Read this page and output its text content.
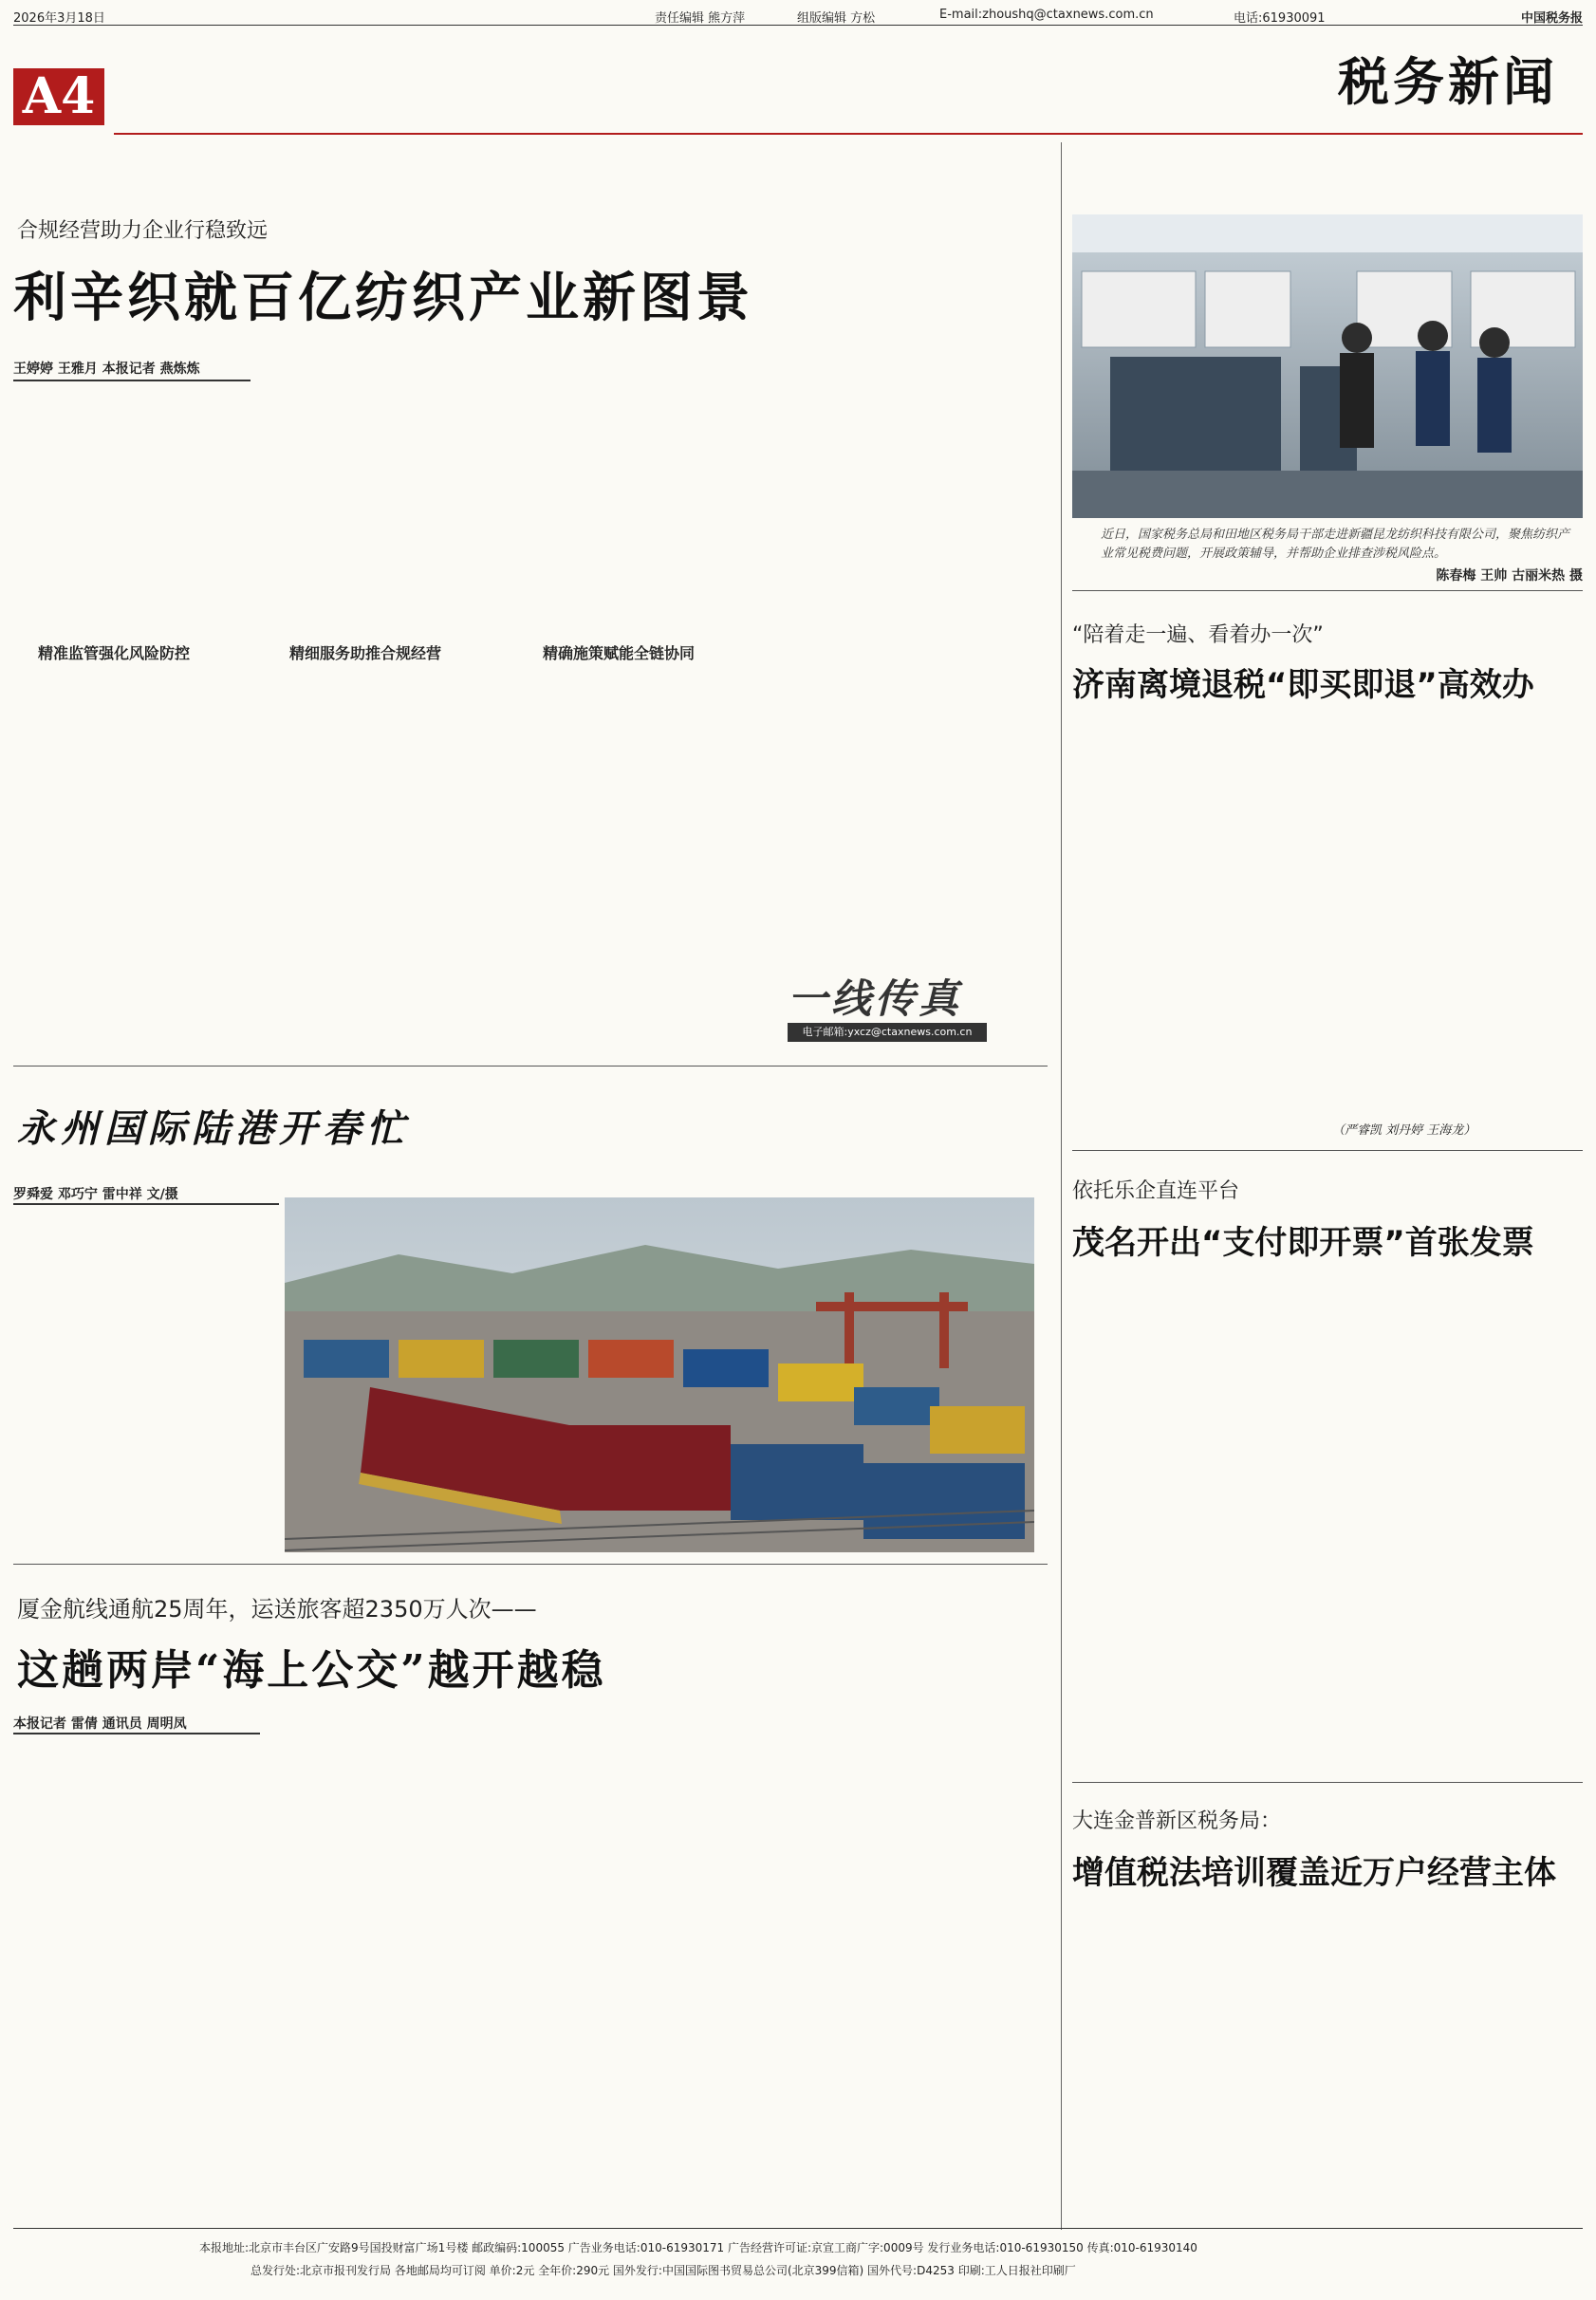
2026年3月18日	责任编辑 熊方萍	组版编辑 方松	E-mail:zhoushq@ctaxnews.com.cn	电话:61930091	中国税务报
A4	税务新闻
合规经营助力企业行稳致远
利辛织就百亿纺织产业新图景
王婷婷 王雅月 本报记者 燕炼炼

精准监管强化风险防控	精细服务助推合规经营	精确施策赋能全链协同
一线传真
电子邮箱:yxcz@ctaxnews.com.cn
近日，国家税务总局和田地区税务局干部走进新疆昆龙纺织科技有限公司，聚焦纺织产业常见税费问题，开展政策辅导，并帮助企业排查涉税风险点。
陈春梅 王帅 古丽米热 摄
“陪着走一遍、看着办一次”
济南离境退税“即买即退”高效办

（严睿凯 刘丹婷 王海龙）
永州国际陆港开春忙
罗舜爱 邓巧宁 雷中祥 文/摄	依托乐企直连平台
茂名开出“支付即开票”首张发票

厦金航线通航25周年，运送旅客超2350万人次——
这趟两岸“海上公交”越开越稳
本报记者 雷倩 通讯员 周明凤

大连金普新区税务局：
增值税法培训覆盖近万户经营主体

本报地址:北京市丰台区广安路9号国投财富广场1号楼 邮政编码:100055 广告业务电话:010-61930171 广告经营许可证:京宣工商广字:0009号 发行业务电话:010-61930150 传真:010-61930140
总发行处:北京市报刊发行局 各地邮局均可订阅 单价:2元 全年价:290元 国外发行:中国国际图书贸易总公司(北京399信箱) 国外代号:D4253 印刷:工人日报社印刷厂
